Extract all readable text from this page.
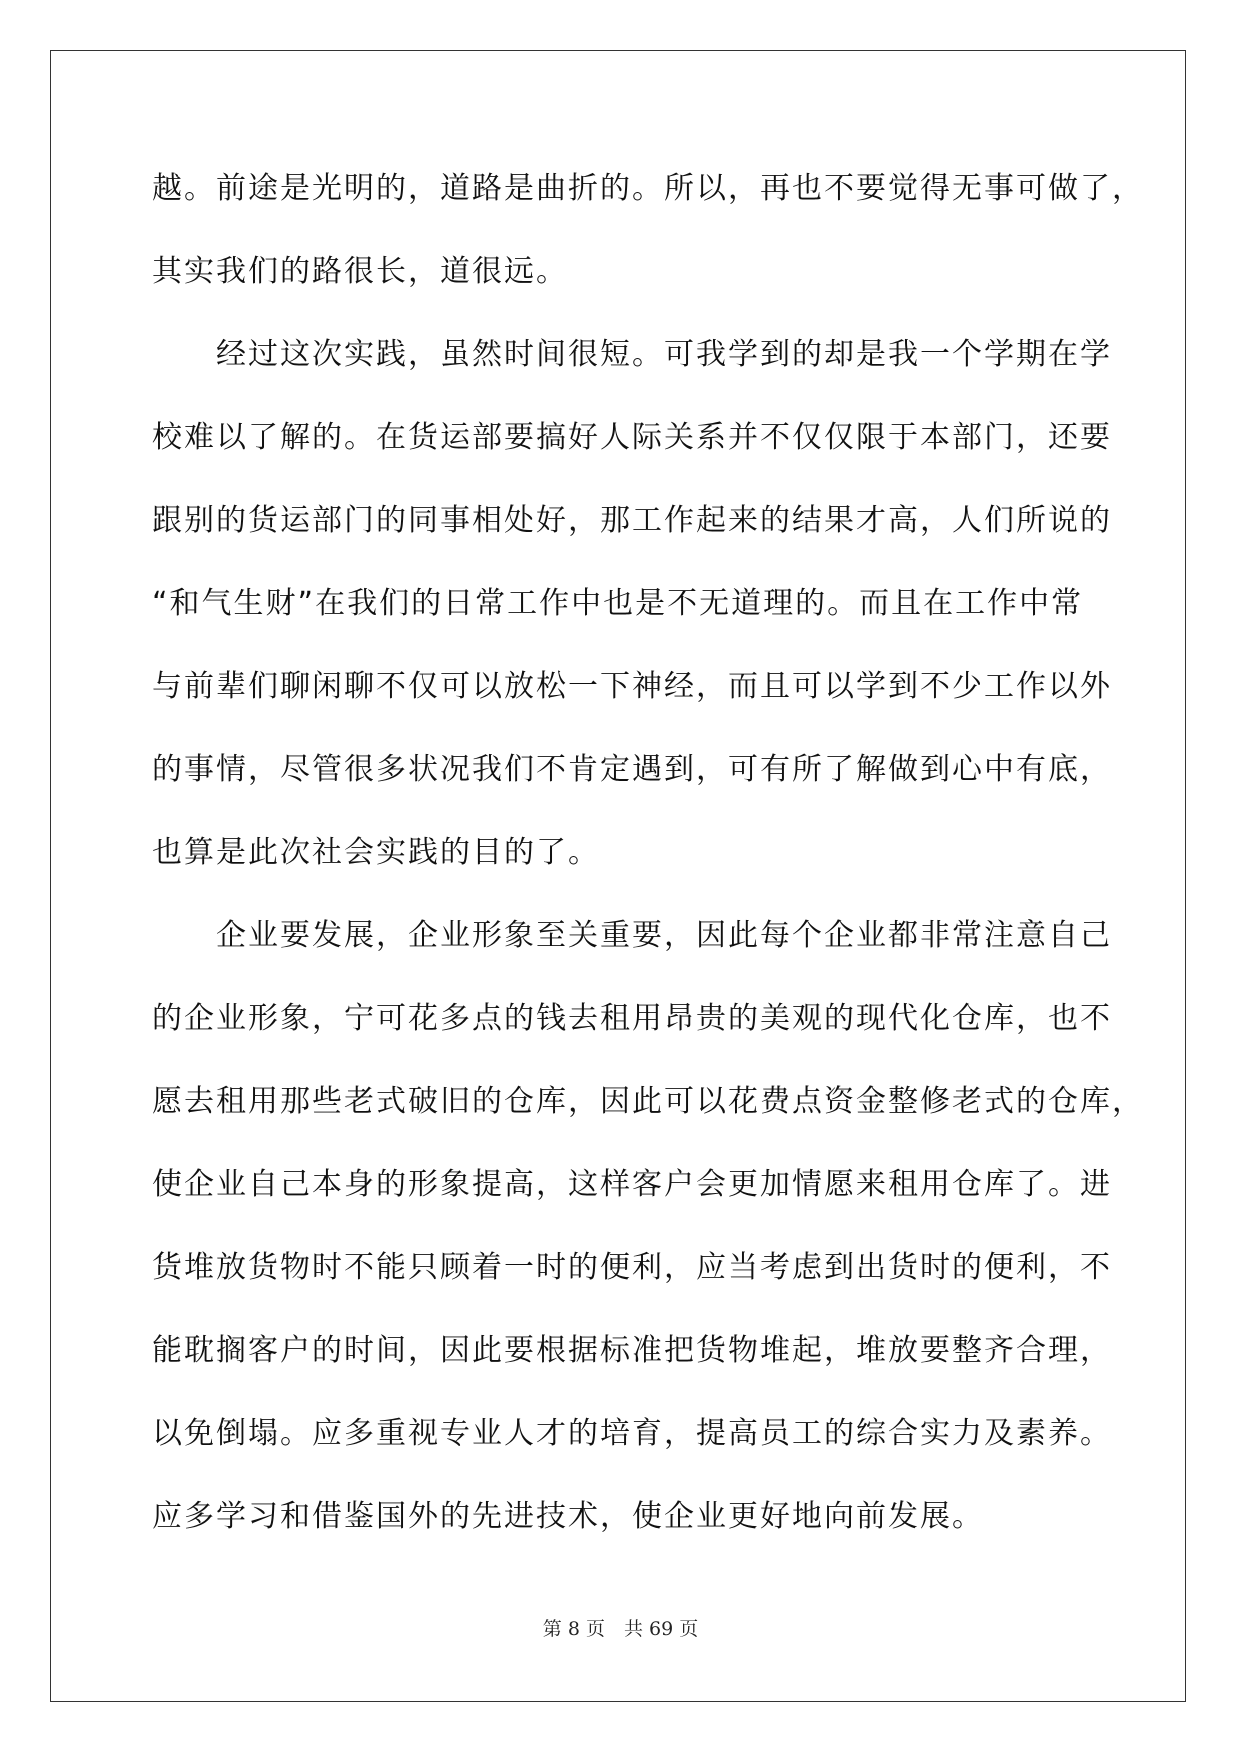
越。前途是光明的，道路是曲折的。所以，再也不要觉得无事可做了，
其实我们的路很长，道很远。
经过这次实践，虽然时间很短。可我学到的却是我一个学期在学
校难以了解的。在货运部要搞好人际关系并不仅仅限于本部门，还要
跟别的货运部门的同事相处好，那工作起来的结果才高，人们所说的
“和气生财”在我们的日常工作中也是不无道理的。而且在工作中常
与前辈们聊闲聊不仅可以放松一下神经，而且可以学到不少工作以外
的事情，尽管很多状况我们不肯定遇到，可有所了解做到心中有底，
也算是此次社会实践的目的了。
企业要发展，企业形象至关重要，因此每个企业都非常注意自己
的企业形象，宁可花多点的钱去租用昂贵的美观的现代化仓库，也不
愿去租用那些老式破旧的仓库，因此可以花费点资金整修老式的仓库，
使企业自己本身的形象提高，这样客户会更加情愿来租用仓库了。进
货堆放货物时不能只顾着一时的便利，应当考虑到出货时的便利，不
能耽搁客户的时间，因此要根据标准把货物堆起，堆放要整齐合理，
以免倒塌。应多重视专业人才的培育，提高员工的综合实力及素养。
应多学习和借鉴国外的先进技术，使企业更好地向前发展。
第 8 页　共 69 页
